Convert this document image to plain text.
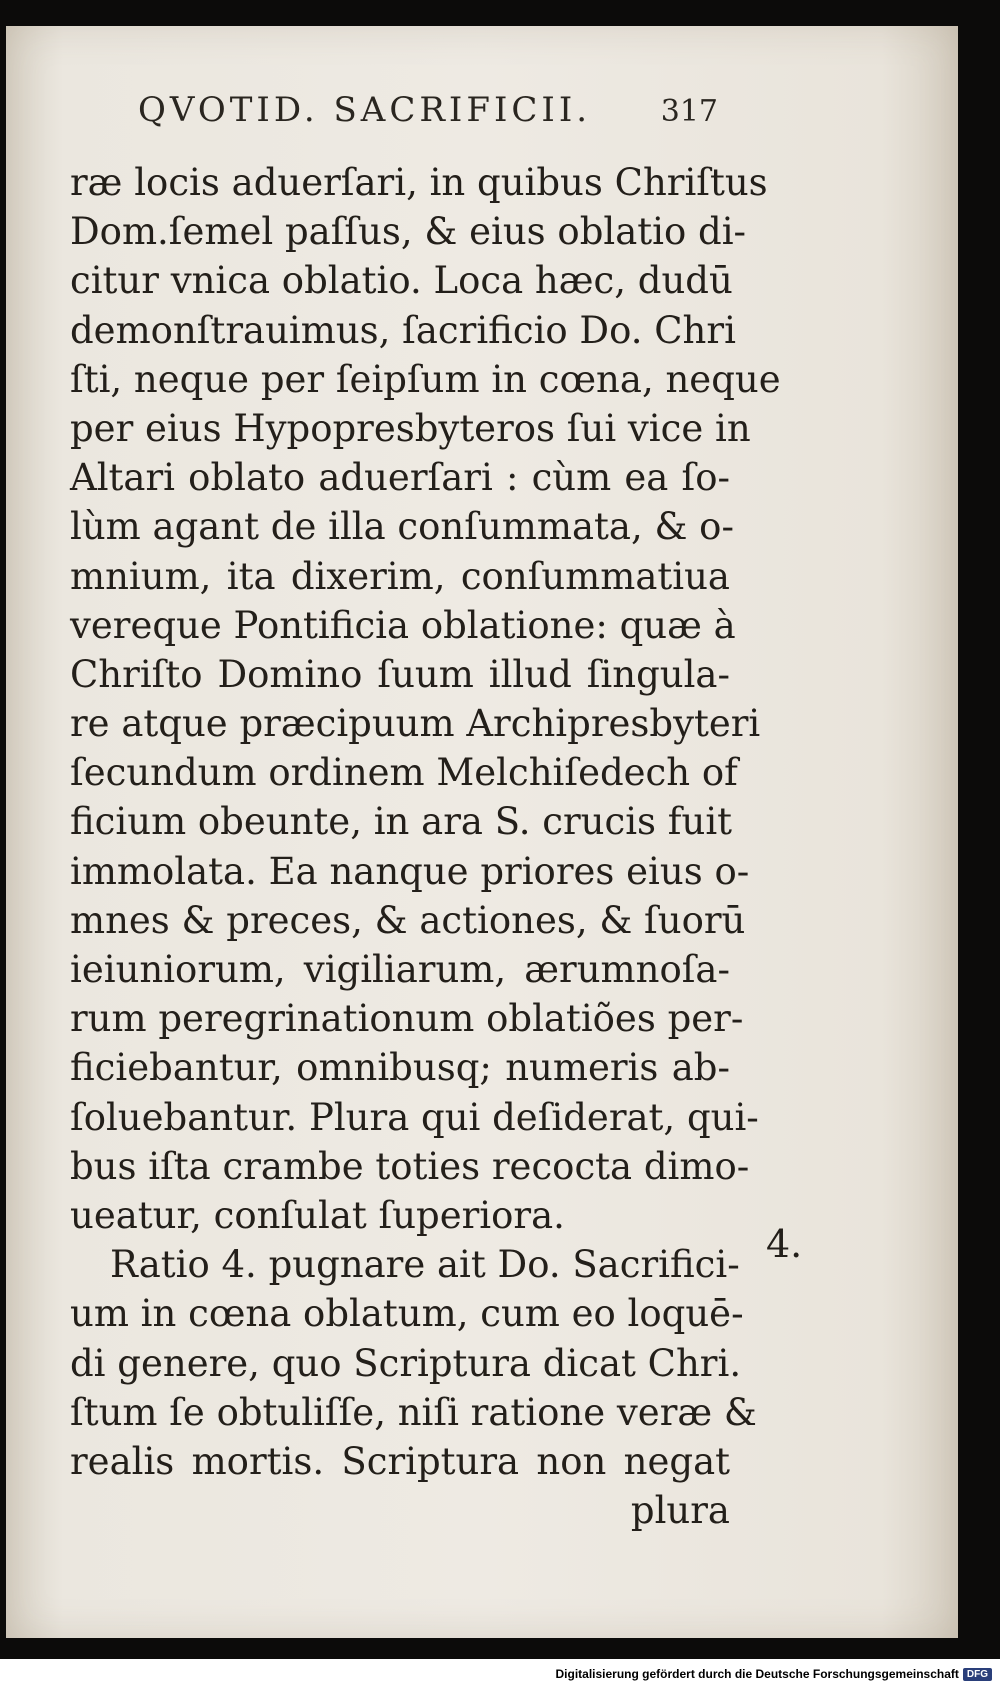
QVOTID. SACRIFICII. 317
ræ locis aduerſari, in quibus Chriſtus
Dom.ſemel paſſus, & eius oblatio di-
citur vnica oblatio. Loca hæc, dudū
demonſtrauimus, ſacrificio Do. Chri
ſti, neque per ſeipſum in cœna, neque
per eius Hypopresbyteros ſui vice in
Altari oblato aduerſari : cùm ea ſo-
lùm agant de illa conſummata, & o-
mnium, ita dixerim, conſummatiua
vereque Pontificia oblatione: quæ à
Chriſto Domino ſuum illud ſingula-
re atque præcipuum Archipresbyteri
ſecundum ordinem Melchiſedech of
ficium obeunte, in ara S. crucis fuit
immolata. Ea nanque priores eius o-
mnes & preces, & actiones, & ſuorū
ieiuniorum, vigiliarum, ærumnoſa-
rum peregrinationum oblatiões per-
ficiebantur, omnibusq; numeris ab-
ſoluebantur. Plura qui deſiderat, qui-
bus iſta crambe toties recocta dimo-
ueatur, conſulat ſuperiora.
Ratio 4. pugnare ait Do. Sacrifici-
um in cœna oblatum, cum eo loquē-
di genere, quo Scriptura dicat Chri.
ſtum ſe obtuliſſe, niſi ratione veræ &
realis mortis. Scriptura non negat
plura
4.
Digitalisierung gefördert durch die Deutsche Forschungsgemeinschaft DFG
